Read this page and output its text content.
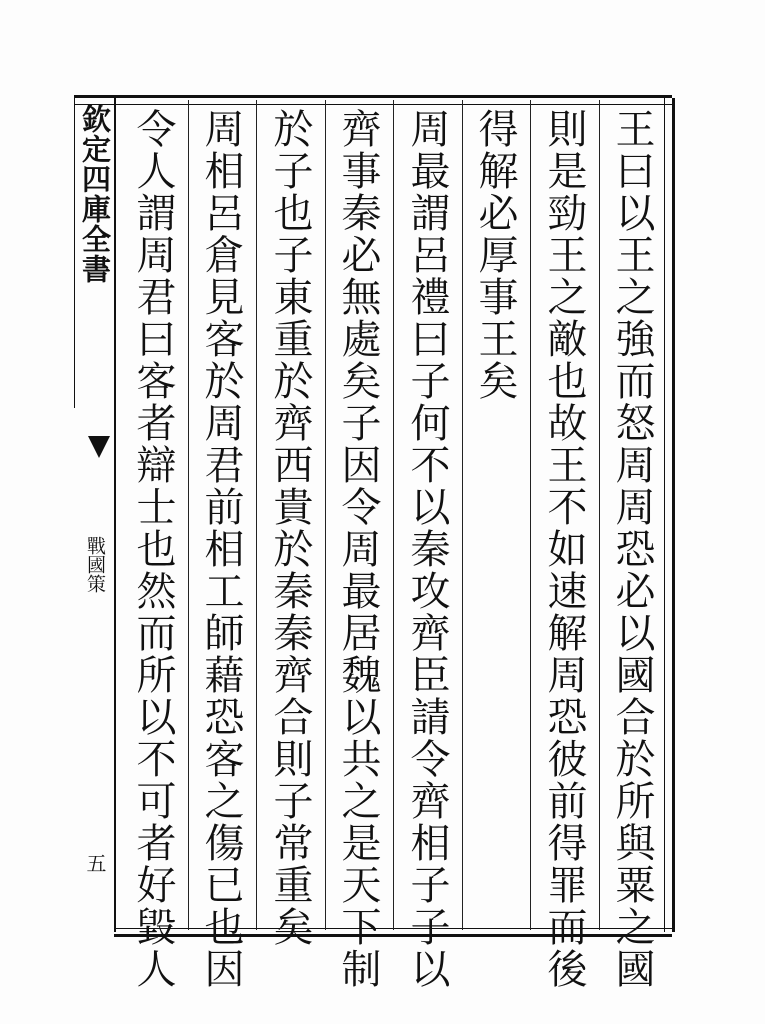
欽定四庫全書
戰國策
五	王曰以王之強而怒周周恐必以國合於所與粟之國
則是勁王之敵也故王不如速解周恐彼前得罪而後
得解必厚事王矣
周最謂呂禮曰子何不以秦攻齊臣請令齊相子子以
齊事秦必無處矣子因令周最居魏以共之是天下制
於子也子東重於齊西貴於秦秦齊合則子常重矣
周相呂倉見客於周君前相工師藉恐客之傷已也因
令人謂周君曰客者辯士也然而所以不可者好毀人
